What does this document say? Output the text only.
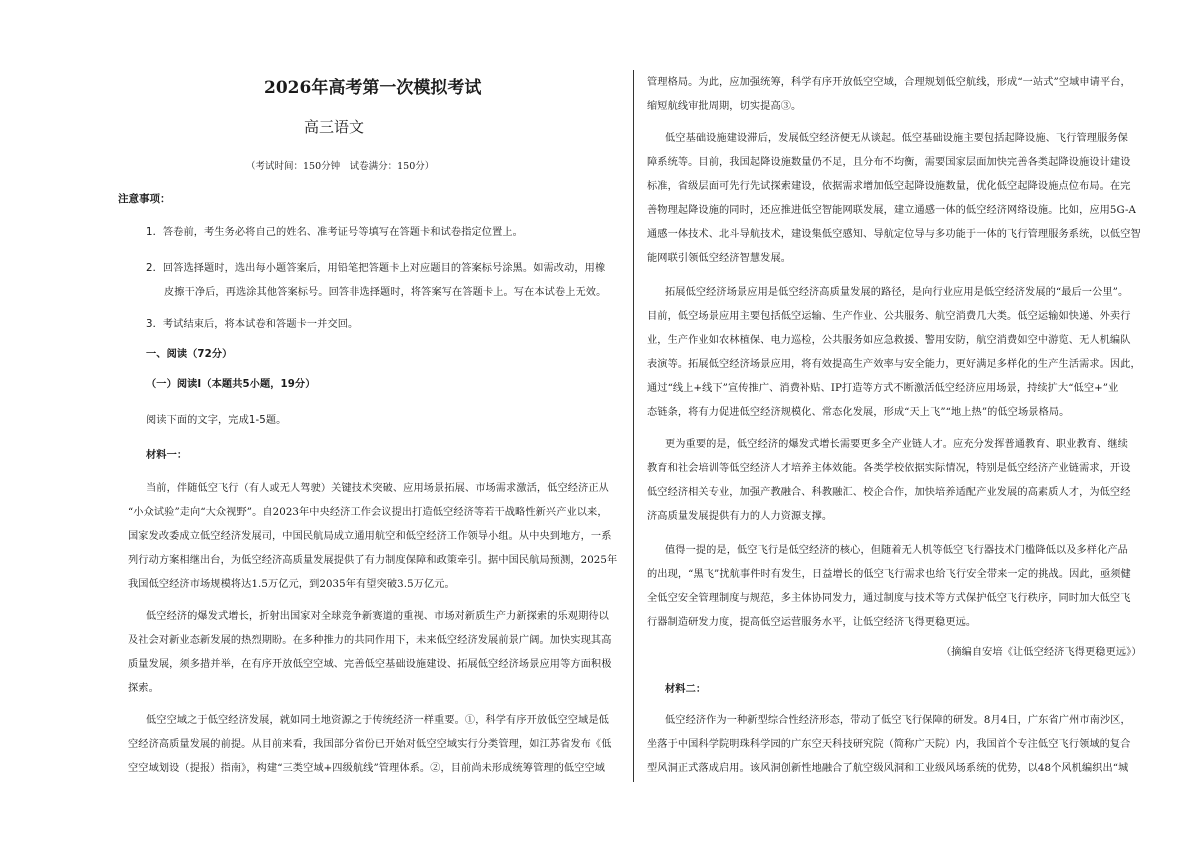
2026年高考第一次模拟考试

高三语文

（考试时间：150分钟　试卷满分：150分）

注意事项：

1．答卷前，考生务必将自己的姓名、准考证号等填写在答题卡和试卷指定位置上。

2．回答选择题时，选出每小题答案后，用铅笔把答题卡上对应题目的答案标号涂黑。如需改动，用橡

皮擦干净后，再选涂其他答案标号。回答非选择题时，将答案写在答题卡上。写在本试卷上无效。

3．考试结束后，将本试卷和答题卡一并交回。

一、阅读（72分）

（一）阅读Ⅰ（本题共5小题，19分）

阅读下面的文字，完成1-5题。

材料一：

当前，伴随低空飞行（有人或无人驾驶）关键技术突破、应用场景拓展、市场需求激活，低空经济正从

“小众试验”走向“大众视野”。自2023年中央经济工作会议提出打造低空经济等若干战略性新兴产业以来，

国家发改委成立低空经济发展司，中国民航局成立通用航空和低空经济工作领导小组。从中央到地方，一系

列行动方案相继出台，为低空经济高质量发展提供了有力制度保障和政策牵引。据中国民航局预测，2025年

我国低空经济市场规模将达1.5万亿元，到2035年有望突破3.5万亿元。

低空经济的爆发式增长，折射出国家对全球竞争新赛道的重视、市场对新质生产力新探索的乐观期待以

及社会对新业态新发展的热烈期盼。在多种推力的共同作用下，未来低空经济发展前景广阔。加快实现其高

质量发展，须多措并举，在有序开放低空空域、完善低空基础设施建设、拓展低空经济场景应用等方面积极

探索。

低空空域之于低空经济发展，就如同土地资源之于传统经济一样重要。①，科学有序开放低空空域是低

空经济高质量发展的前提。从目前来看，我国部分省份已开始对低空空域实行分类管理，如江苏省发布《低

空空域划设（提报）指南》，构建“三类空域+四级航线”管理体系。②，目前尚未形成统筹管理的低空空域

管理格局。为此，应加强统筹，科学有序开放低空空域，合理规划低空航线，形成“一站式”空域申请平台，

缩短航线审批周期，切实提高③。

低空基础设施建设滞后，发展低空经济便无从谈起。低空基础设施主要包括起降设施、飞行管理服务保

障系统等。目前，我国起降设施数量仍不足，且分布不均衡，需要国家层面加快完善各类起降设施设计建设

标准，省级层面可先行先试探索建设，依据需求增加低空起降设施数量，优化低空起降设施点位布局。在完

善物理起降设施的同时，还应推进低空智能网联发展，建立通感一体的低空经济网络设施。比如，应用5G-A

通感一体技术、北斗导航技术，建设集低空感知、导航定位导与多功能于一体的飞行管理服务系统，以低空智

能网联引领低空经济智慧发展。

拓展低空经济场景应用是低空经济高质量发展的路径，是向行业应用是低空经济发展的“最后一公里”。

目前，低空场景应用主要包括低空运输、生产作业、公共服务、航空消费几大类。低空运输如快递、外卖行

业，生产作业如农林植保、电力巡检，公共服务如应急救援、警用安防，航空消费如空中游览、无人机编队

表演等。拓展低空经济场景应用，将有效提高生产效率与安全能力，更好满足多样化的生产生活需求。因此，

通过“线上+线下”宣传推广、消费补贴、IP打造等方式不断激活低空经济应用场景，持续扩大“低空+”业

态链条，将有力促进低空经济规模化、常态化发展，形成“天上飞”“地上热”的低空场景格局。

更为重要的是，低空经济的爆发式增长需要更多全产业链人才。应充分发挥普通教育、职业教育、继续

教育和社会培训等低空经济人才培养主体效能。各类学校依据实际情况，特别是低空经济产业链需求，开设

低空经济相关专业，加强产教融合、科教融汇、校企合作，加快培养适配产业发展的高素质人才，为低空经

济高质量发展提供有力的人力资源支撑。

值得一提的是，低空飞行是低空经济的核心，但随着无人机等低空飞行器技术门槛降低以及多样化产品

的出现，“黑飞”扰航事件时有发生，日益增长的低空飞行需求也给飞行安全带来一定的挑战。因此，亟须健

全低空安全管理制度与规范，多主体协同发力，通过制度与技术等方式保护低空飞行秩序，同时加大低空飞

行器制造研发力度，提高低空运营服务水平，让低空经济飞得更稳更远。

（摘编自安培《让低空经济飞得更稳更远》）

材料二：

低空经济作为一种新型综合性经济形态，带动了低空飞行保障的研发。8月4日，广东省广州市南沙区，

坐落于中国科学院明珠科学园的广东空天科技研究院（简称广天院）内，我国首个专注低空飞行领域的复合

型风洞正式落成启用。该风洞创新性地融合了航空级风洞和工业级风场系统的优势，以48个风机编织出“城
